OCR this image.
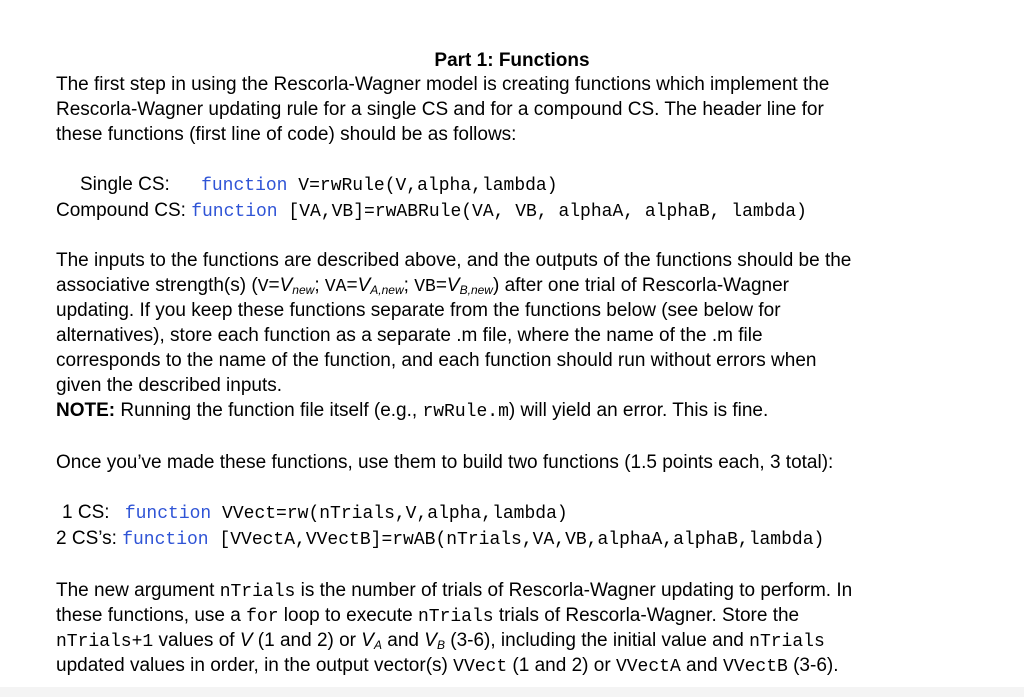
Part 1: Functions

The first step in using the Rescorla-Wagner model is creating functions which implement the

Rescorla-Wagner updating rule for a single CS and for a compound CS. The header line for

these functions (first line of code) should be as follows:

Single CS: function V=rwRule(V,alpha,lambda)
Compound CS: function [VA,VB]=rwABRule(VA, VB, alphaA, alphaB, lambda)

The inputs to the functions are described above, and the outputs of the functions should be the

associative strength(s) ($V=V_{new}$; $VA=V_{A,new}$; $VB=V_{B,new}$) after one trial of Rescorla-Wagner

updating. If you keep these functions separate from the functions below (see below for

alternatives), store each function as a separate .m file, where the name of the .m file

corresponds to the name of the function, and each function should run without errors when

given the described inputs.

NOTE: Running the function file itself (e.g., rwRule.m) will yield an error. This is fine.

Once you’ve made these functions, use them to build two functions (1.5 points each, 3 total):

1 CS: function VVect=rw(nTrials,V,alpha,lambda)
2 CS’s: function [VVectA,VVectB]=rwAB(nTrials,VA,VB,alphaA,alphaB,lambda)

The new argument nTrials is the number of trials of Rescorla-Wagner updating to perform. In

these functions, use a for loop to execute nTrials trials of Rescorla-Wagner. Store the

nTrials+1 values of V (1 and 2) or $V_A$ and $V_B$ (3-6), including the initial value and nTrials

updated values in order, in the output vector(s) VVect (1 and 2) or VVectA and VVectB (3-6).
